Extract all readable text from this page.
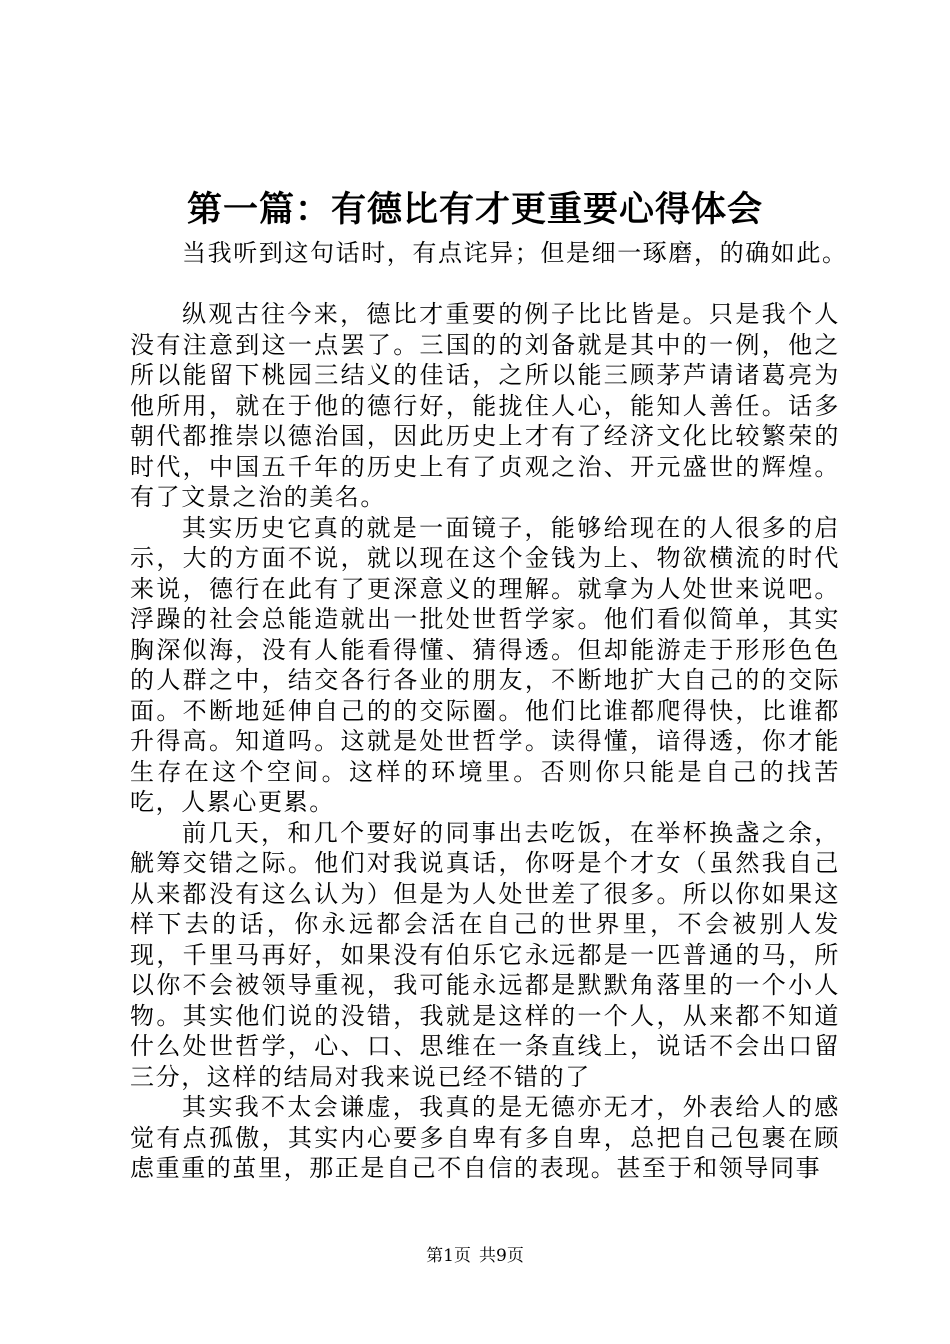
第一篇：有德比有才更重要心得体会

当我听到这句话时，有点诧异；但是细一琢磨，的确如此。

纵观古往今来，德比才重要的例子比比皆是。只是我个人没有注意到这一点罢了。三国的的刘备就是其中的一例，他之所以能留下桃园三结义的佳话，之所以能三顾茅芦请诸葛亮为他所用，就在于他的德行好，能拢住人心，能知人善任。话多朝代都推崇以德治国，因此历史上才有了经济文化比较繁荣的时代，中国五千年的历史上有了贞观之治、开元盛世的辉煌。有了文景之治的美名。

其实历史它真的就是一面镜子，能够给现在的人很多的启示，大的方面不说，就以现在这个金钱为上、物欲横流的时代来说，德行在此有了更深意义的理解。就拿为人处世来说吧。浮躁的社会总能造就出一批处世哲学家。他们看似简单，其实胸深似海，没有人能看得懂、猜得透。但却能游走于形形色色的人群之中，结交各行各业的朋友，不断地扩大自己的的交际面。不断地延伸自己的的交际圈。他们比谁都爬得快，比谁都升得高。知道吗。这就是处世哲学。读得懂，谙得透，你才能生存在这个空间。这样的环境里。否则你只能是自己的找苦吃，人累心更累。

前几天，和几个要好的同事出去吃饭，在举杯换盏之余，觥筹交错之际。他们对我说真话，你呀是个才女（虽然我自己从来都没有这么认为）但是为人处世差了很多。所以你如果这样下去的话，你永远都会活在自己的世界里，不会被别人发现，千里马再好，如果没有伯乐它永远都是一匹普通的马，所以你不会被领导重视，我可能永远都是默默角落里的一个小人物。其实他们说的没错，我就是这样的一个人，从来都不知道什么处世哲学，心、口、思维在一条直线上，说话不会出口留三分，这样的结局对我来说已经不错的了

其实我不太会谦虚，我真的是无德亦无才，外表给人的感觉有点孤傲，其实内心要多自卑有多自卑，总把自己包裹在顾虑重重的茧里，那正是自己不自信的表现。甚至于和领导同事

第1页 共9页
